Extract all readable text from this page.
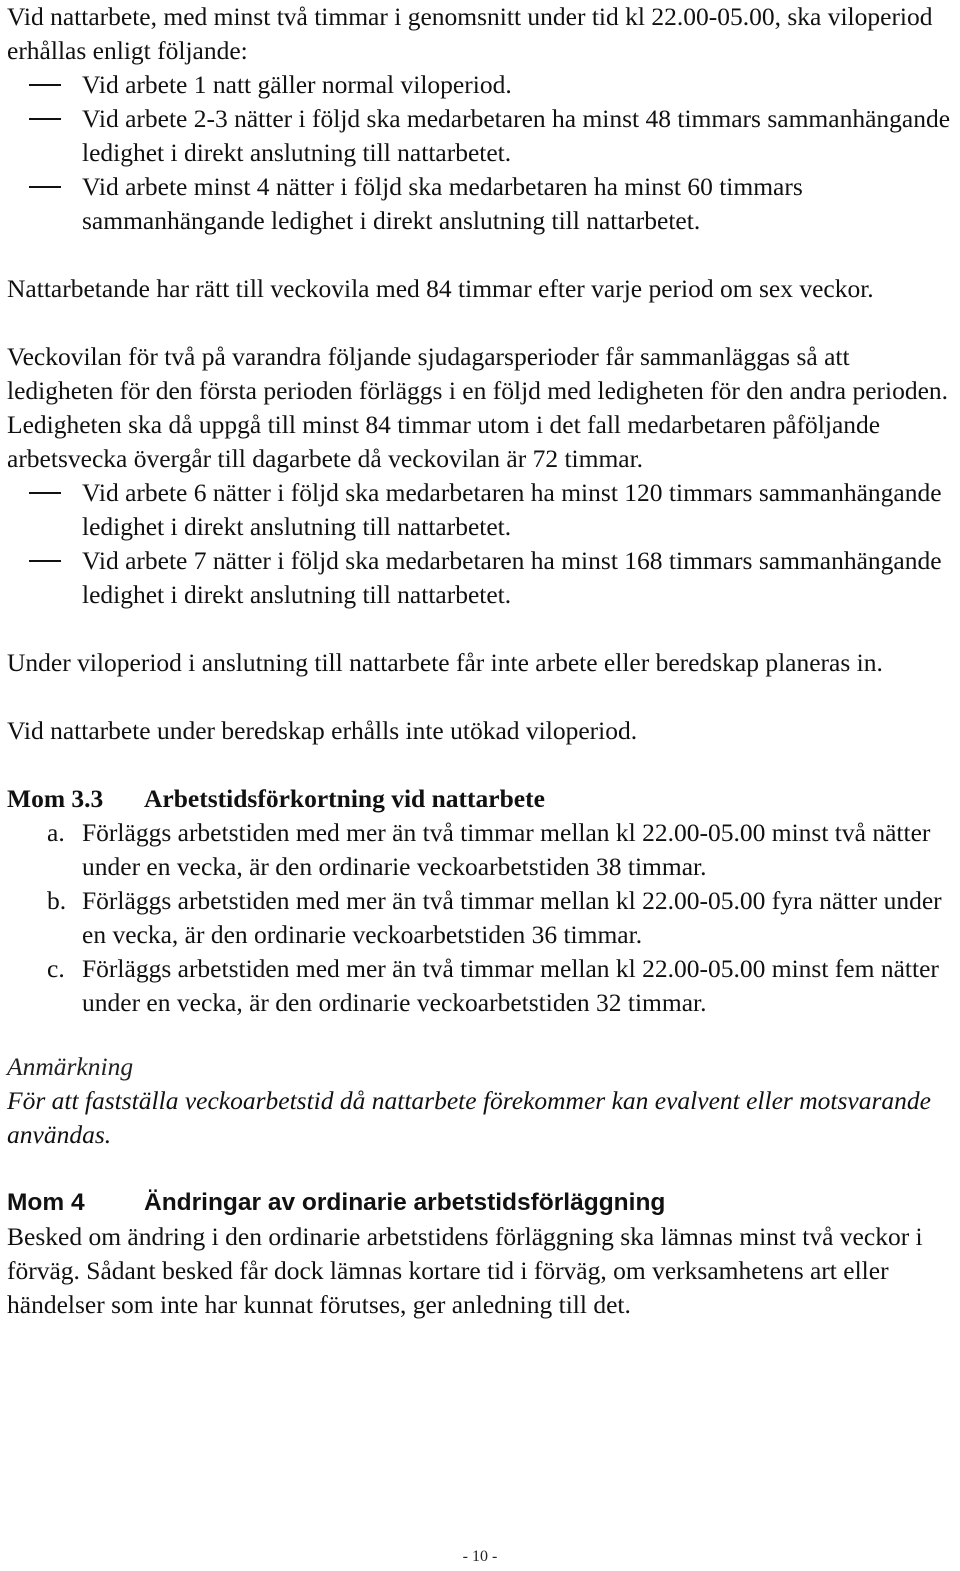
Vid nattarbete, med minst två timmar i genomsnitt under tid kl 22.00-05.00, ska viloperiod erhållas enligt följande:

Vid arbete 1 natt gäller normal viloperiod.
Vid arbete 2-3 nätter i följd ska medarbetaren ha minst 48 timmars sammanhängande ledighet i direkt anslutning till nattarbetet.
Vid arbete minst 4 nätter i följd ska medarbetaren ha minst 60 timmars sammanhängande ledighet i direkt anslutning till nattarbetet.

Nattarbetande har rätt till veckovila med 84 timmar efter varje period om sex veckor.

Veckovilan för två på varandra följande sjudagarsperioder får sammanläggas så att ledigheten för den första perioden förläggs i en följd med ledigheten för den andra perioden. Ledigheten ska då uppgå till minst 84 timmar utom i det fall medarbetaren påföljande arbetsvecka övergår till dagarbete då veckovilan är 72 timmar.

Vid arbete 6 nätter i följd ska medarbetaren ha minst 120 timmars sammanhängande ledighet i direkt anslutning till nattarbetet.
Vid arbete 7 nätter i följd ska medarbetaren ha minst 168 timmars sammanhängande ledighet i direkt anslutning till nattarbetet.

Under viloperiod i anslutning till nattarbete får inte arbete eller beredskap planeras in.

Vid nattarbete under beredskap erhålls inte utökad viloperiod.

Mom 3.3	Arbetstidsförkortning vid nattarbete
a. Förläggs arbetstiden med mer än två timmar mellan kl 22.00-05.00 minst två nätter under en vecka, är den ordinarie veckoarbetstiden 38 timmar.
b. Förläggs arbetstiden med mer än två timmar mellan kl 22.00-05.00 fyra nätter under en vecka, är den ordinarie veckoarbetstiden 36 timmar.
c. Förläggs arbetstiden med mer än två timmar mellan kl 22.00-05.00 minst fem nätter under en vecka, är den ordinarie veckoarbetstiden 32 timmar.

Anmärkning

För att fastställa veckoarbetstid då nattarbete förekommer kan evalvent eller motsvarande användas.

Mom 4	Ändringar av ordinarie arbetstidsförläggning

Besked om ändring i den ordinarie arbetstidens förläggning ska lämnas minst två veckor i förväg. Sådant besked får dock lämnas kortare tid i förväg, om verksamhetens art eller händelser som inte har kunnat förutses, ger anledning till det.

- 10 -
